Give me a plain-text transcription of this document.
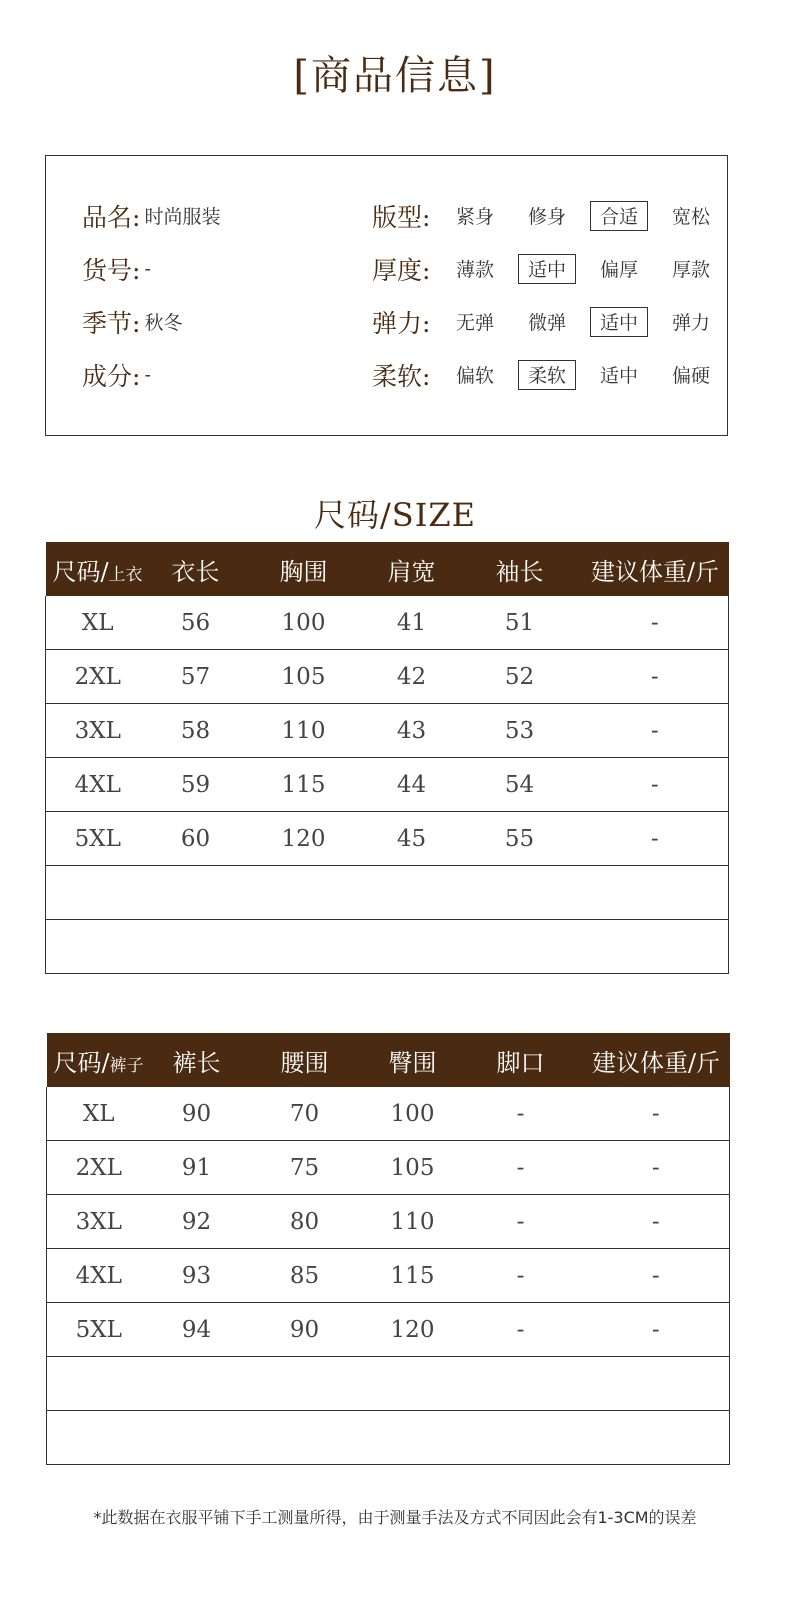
[商品信息]
品名: 时尚服装
货号: -
季节: 秋冬
成分: -
版型:	紧身	修身	合适	宽松
厚度:	薄款	适中	偏厚	厚款
弹力:	无弹	微弹	适中	弹力
柔软:	偏软	柔软	适中	偏硬
尺码/SIZE
尺码/上衣	衣长	胸围	肩宽	袖长	建议体重/斤
XL	56	100	41	51	-
2XL	57	105	42	52	-
3XL	58	110	43	53	-
4XL	59	115	44	54	-
5XL	60	120	45	55	-

尺码/裤子	裤长	腰围	臀围	脚口	建议体重/斤
XL	90	70	100	-	-
2XL	91	75	105	-	-
3XL	92	80	110	-	-
4XL	93	85	115	-	-
5XL	94	90	120	-	-

*此数据在衣服平铺下手工测量所得，由于测量手法及方式不同因此会有1-3CM的误差
